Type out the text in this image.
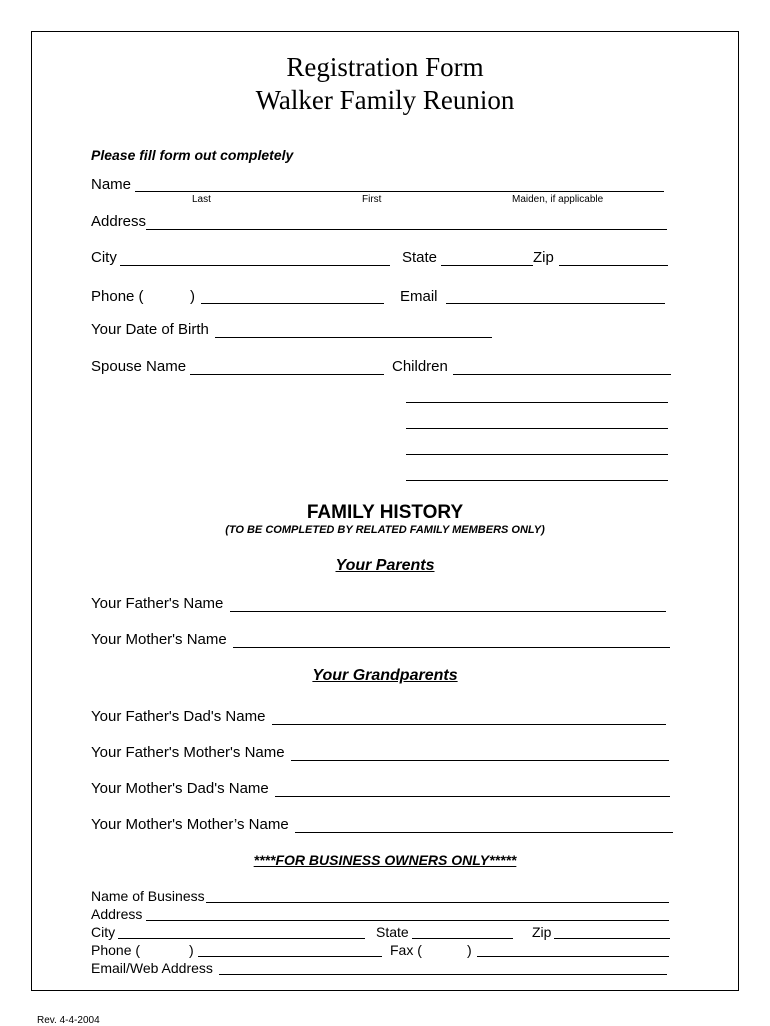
Registration Form
Walker Family Reunion
Please fill form out completely
Name
Last	First	Maiden, if applicable
Address
City	State	Zip
Phone (	)	Email
Your Date of Birth
Spouse Name	Children
FAMILY HISTORY
(TO BE COMPLETED BY RELATED FAMILY MEMBERS ONLY)
Your Parents
Your Father's Name
Your Mother's Name
Your Grandparents
Your Father's Dad's Name
Your Father's Mother's Name
Your Mother's Dad's Name
Your Mother's Mother’s Name
****FOR BUSINESS OWNERS ONLY*****
Name of Business
Address
City	State	Zip
Phone (	)	Fax (	)
Email/Web Address
Rev. 4-4-2004
